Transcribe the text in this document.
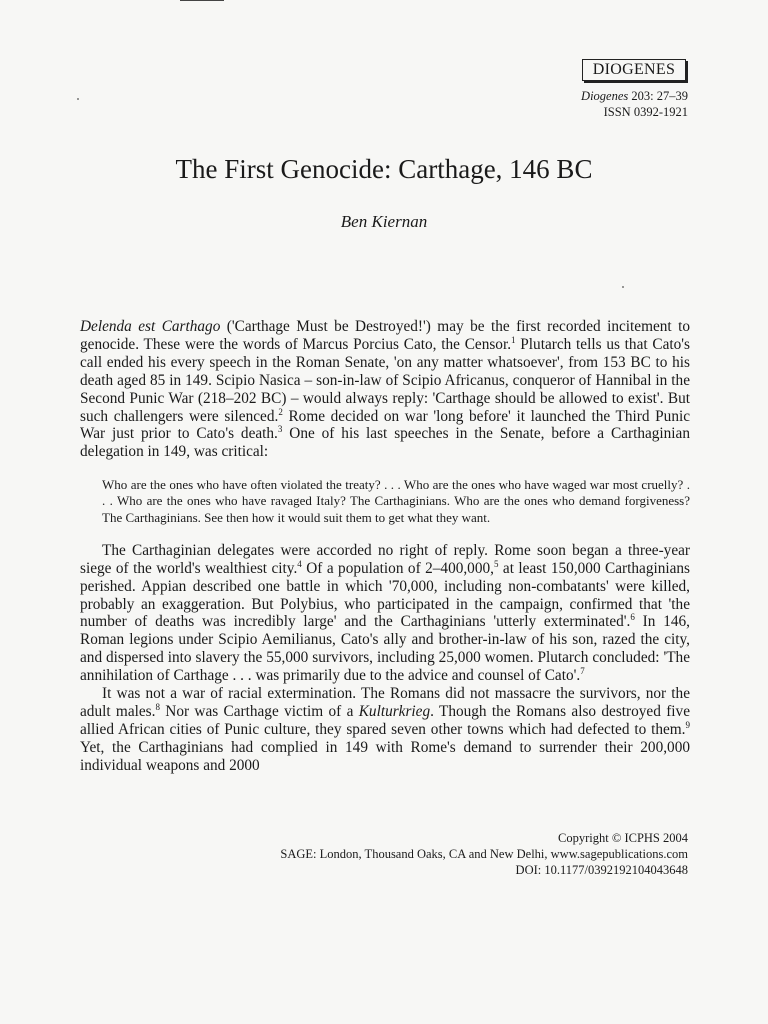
DIOGENES
Diogenes 203: 27–39
ISSN 0392-1921
The First Genocide: Carthage, 146 BC
Ben Kiernan

Delenda est Carthago ('Carthage Must be Destroyed!') may be the first recorded incitement to genocide. These were the words of Marcus Porcius Cato, the Censor.$^1$ Plutarch tells us that Cato's call ended his every speech in the Roman Senate, 'on any matter whatsoever', from 153 BC to his death aged 85 in 149. Scipio Nasica – son-in-law of Scipio Africanus, conqueror of Hannibal in the Second Punic War (218–202 BC) – would always reply: 'Carthage should be allowed to exist'. But such challengers were silenced.$^2$ Rome decided on war 'long before' it launched the Third Punic War just prior to Cato's death.$^3$ One of his last speeches in the Senate, before a Carthaginian delegation in 149, was critical:

Who are the ones who have often violated the treaty? . . . Who are the ones who have waged war most cruelly? . . . Who are the ones who have ravaged Italy? The Carthaginians. Who are the ones who demand forgiveness? The Carthaginians. See then how it would suit them to get what they want.

The Carthaginian delegates were accorded no right of reply. Rome soon began a three-year siege of the world's wealthiest city.$^4$ Of a population of 2–400,000,$^5$ at least 150,000 Carthaginians perished. Appian described one battle in which '70,000, including non-combatants' were killed, probably an exaggeration. But Polybius, who participated in the campaign, confirmed that 'the number of deaths was incredibly large' and the Carthaginians 'utterly exterminated'.$^6$ In 146, Roman legions under Scipio Aemilianus, Cato's ally and brother-in-law of his son, razed the city, and dispersed into slavery the 55,000 survivors, including 25,000 women. Plutarch concluded: 'The annihilation of Carthage . . . was primarily due to the advice and counsel of Cato'.$^7$

It was not a war of racial extermination. The Romans did not massacre the survivors, nor the adult males.$^8$ Nor was Carthage victim of a Kulturkrieg. Though the Romans also destroyed five allied African cities of Punic culture, they spared seven other towns which had defected to them.$^9$ Yet, the Carthaginians had complied in 149 with Rome's demand to surrender their 200,000 individual weapons and 2000

Copyright © ICPHS 2004
SAGE: London, Thousand Oaks, CA and New Delhi, www.sagepublications.com
DOI: 10.1177/0392192104043648
